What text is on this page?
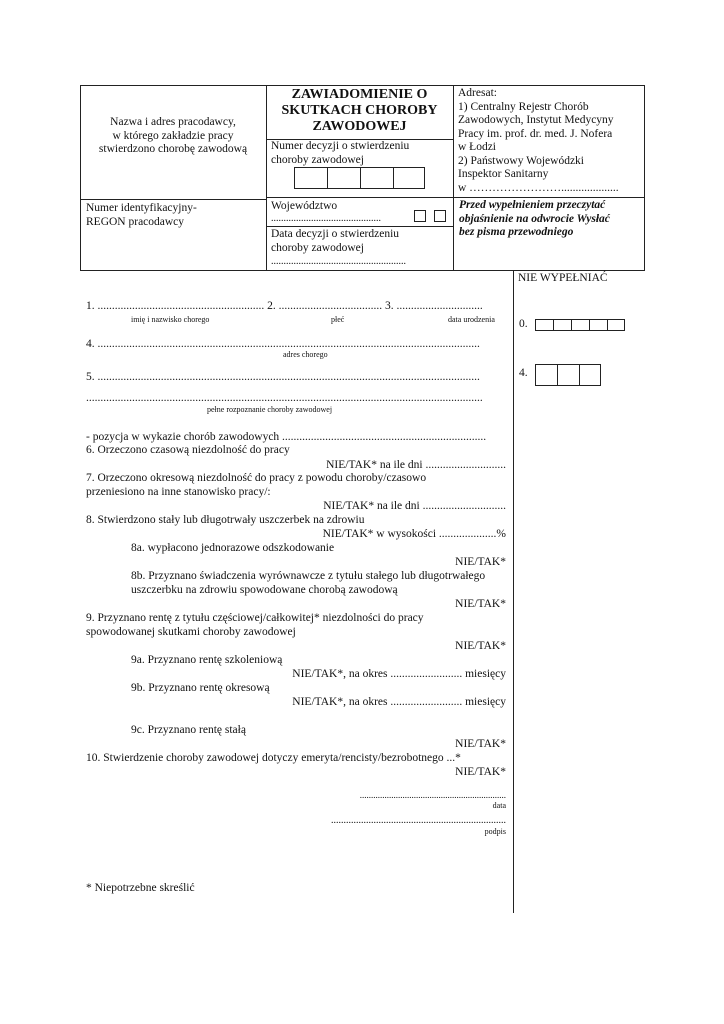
Nazwa i adres pracodawcy,
w którego zakładzie pracy
stwierdzono chorobę zawodową
ZAWIADOMIENIE O
SKUTKACH CHOROBY
ZAWODOWEJ
Numer decyzji o stwierdzeniu
choroby zawodowej
Adresat:
1) Centralny Rejestr Chorób
Zawodowych, Instytut Medycyny
Pracy im. prof. dr. med. J. Nofera
w Łodzi
2) Państwowy Wojewódzki
Inspektor Sanitarny
w ……………………....................
Numer identyfikacyjny-
REGON pracodawcy
Województwo
............................................
Data decyzji o stwierdzeniu
choroby zawodowej
......................................................
Przed wypełnieniem przeczytać
objaśnienie na odwrocie Wysłać
bez pisma przewodniego
NIE WYPEŁNIAĆ
0.
4.
1. .......................................................... 2. .................................... 3. ..............................
imię i nazwisko chorego	płeć	data urodzenia
4. .....................................................................................................................................
adres chorego
5. .....................................................................................................................................
..........................................................................................................................................
pełne rozpoznanie choroby zawodowej
- pozycja w wykazie chorób zawodowych .......................................................................
6. Orzeczono czasową niezdolność do pracy
NIE/TAK* na ile dni ............................
7. Orzeczono okresową niezdolność do pracy z powodu choroby/czasowo
przeniesiono na inne stanowisko pracy/:
NIE/TAK* na ile dni .............................
8. Stwierdzono stały lub długotrwały uszczerbek na zdrowiu
NIE/TAK* w wysokości ....................%
8a. wypłacono jednorazowe odszkodowanie
NIE/TAK*
8b. Przyznano świadczenia wyrównawcze z tytułu stałego lub długotrwałego
uszczerbku na zdrowiu spowodowane chorobą zawodową
NIE/TAK*
9. Przyznano rentę z tytułu częściowej/całkowitej* niezdolności do pracy
spowodowanej skutkami choroby zawodowej
NIE/TAK*
9a. Przyznano rentę szkoleniową
NIE/TAK*, na okres ......................... miesięcy
9b. Przyznano rentę okresową
NIE/TAK*, na okres ......................... miesięcy
9c. Przyznano rentę stałą
NIE/TAK*
10. Stwierdzenie choroby zawodowej dotyczy emeryta/rencisty/bezrobotnego ...*
NIE/TAK*
.................................................................
data
......................................................................
podpis
* Niepotrzebne skreślić
